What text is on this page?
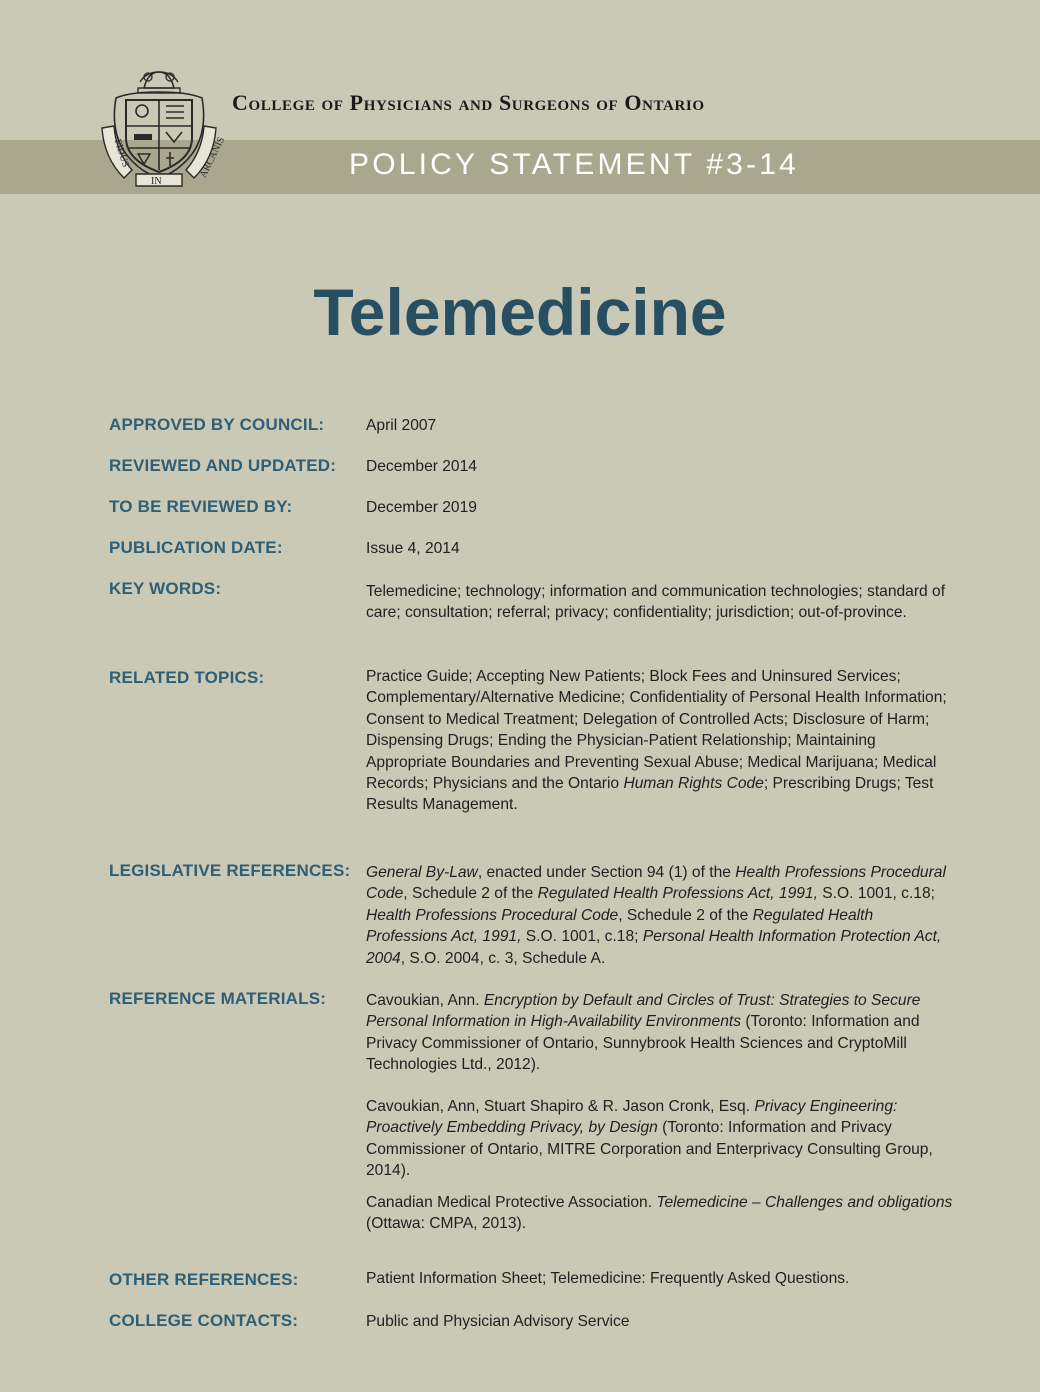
FIDUS
IN
ARCANIS
College of Physicians and Surgeons of Ontario
POLICY STATEMENT #3-14
Telemedicine
APPROVED BY COUNCIL:	April 2007
REVIEWED AND UPDATED: December 2014
TO BE REVIEWED BY:	December 2019
PUBLICATION DATE:	Issue 4, 2014
KEY WORDS:	Telemedicine; technology; information and communication technologies; standard of care; consultation; referral; privacy; confidentiality; jurisdiction; out-of-province.
RELATED TOPICS:	Practice Guide; Accepting New Patients; Block Fees and Uninsured Services; Complementary/Alternative Medicine; Confidentiality of Personal Health Information; Consent to Medical Treatment; Delegation of Controlled Acts; Disclosure of Harm; Dispensing Drugs; Ending the Physician-Patient Relationship; Maintaining Appropriate Boundaries and Preventing Sexual Abuse; Medical Marijuana; Medical Records; Physicians and the Ontario Human Rights Code; Prescribing Drugs; Test Results Management.
LEGISLATIVE REFERENCES: General By-Law, enacted under Section 94 (1) of the Health Professions Procedural Code, Schedule 2 of the Regulated Health Professions Act, 1991, S.O. 1001, c.18; Health Professions Procedural Code, Schedule 2 of the Regulated Health Professions Act, 1991, S.O. 1001, c.18; Personal Health Information Protection Act, 2004, S.O. 2004, c. 3, Schedule A.
REFERENCE MATERIALS:	Cavoukian, Ann. Encryption by Default and Circles of Trust: Strategies to Secure Personal Information in High-Availability Environments (Toronto: Information and Privacy Commissioner of Ontario, Sunnybrook Health Sciences and CryptoMill Technologies Ltd., 2012).

Cavoukian, Ann, Stuart Shapiro & R. Jason Cronk, Esq. Privacy Engineering: Proactively Embedding Privacy, by Design (Toronto: Information and Privacy Commissioner of Ontario, MITRE Corporation and Enterprivacy Consulting Group, 2014).

Canadian Medical Protective Association. Telemedicine – Challenges and obligations (Ottawa: CMPA, 2013).

OTHER REFERENCES:	Patient Information Sheet; Telemedicine: Frequently Asked Questions.
COLLEGE CONTACTS:	Public and Physician Advisory Service
